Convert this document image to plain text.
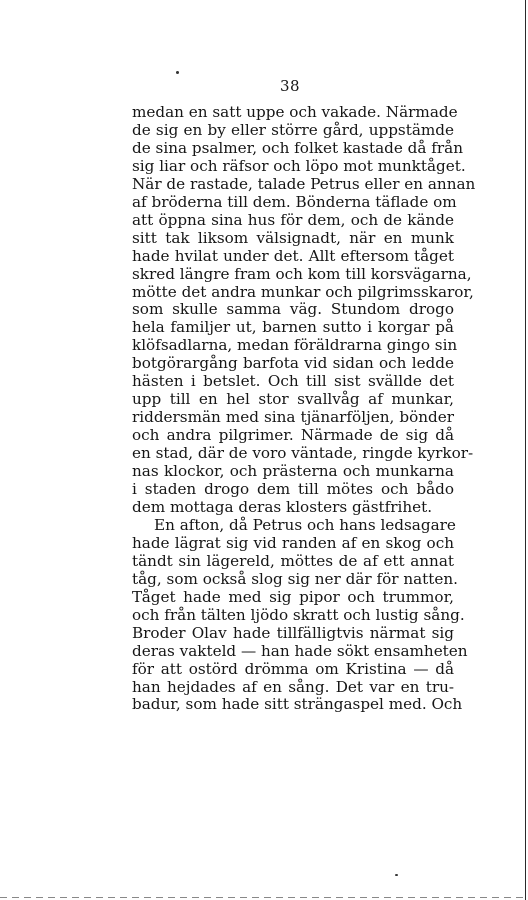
38

medan en satt uppe och vakade. Närmade
de sig en by eller större gård, uppstämde
de sina psalmer, och folket kastade då från
sig liar och räfsor och löpo mot munktåget.
När de rastade, talade Petrus eller en annan
af bröderna till dem. Bönderna täflade om
att öppna sina hus för dem, och de kände
sitt tak liksom välsignadt, när en munk
hade hvilat under det. Allt eftersom tåget
skred längre fram och kom till korsvägarna,
mötte det andra munkar och pilgrimsskaror,
som skulle samma väg. Stundom drogo
hela familjer ut, barnen sutto i korgar på
klöfsadlarna, medan föräldrarna gingo sin
botgörargång barfota vid sidan och ledde
hästen i betslet. Och till sist svällde det
upp till en hel stor svallvåg af munkar,
riddersmän med sina tjänarföljen, bönder
och andra pilgrimer. Närmade de sig då
en stad, där de voro väntade, ringde kyrkor-
nas klockor, och prästerna och munkarna
i staden drogo dem till mötes och bådo
dem mottaga deras klosters gästfrihet.

En afton, då Petrus och hans ledsagare
hade lägrat sig vid randen af en skog och
tändt sin lägereld, möttes de af ett annat
tåg, som också slog sig ner där för natten.
Tåget hade med sig pipor och trummor,
och från tälten ljödo skratt och lustig sång.
Broder Olav hade tillfälligtvis närmat sig
deras vakteld — han hade sökt ensamheten
för att ostörd drömma om Kristina — då
han hejdades af en sång. Det var en tru-
badur, som hade sitt strängaspel med. Och
